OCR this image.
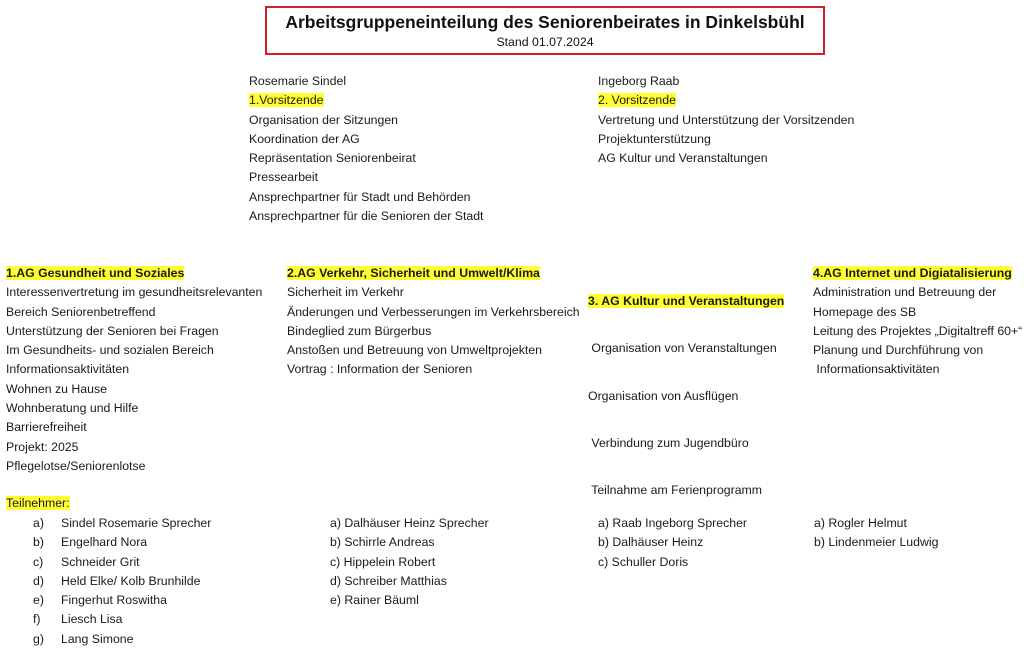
Arbeitsgruppeneinteilung des Seniorenbeirates in Dinkelsbühl
Stand 01.07.2024
Rosemarie Sindel
1.Vorsitzende
Organisation der Sitzungen
Koordination der AG
Repräsentation Seniorenbeirat
Pressearbeit
Ansprechpartner für Stadt und Behörden
Ansprechpartner für die Senioren der Stadt
Ingeborg Raab
2. Vorsitzende
Vertretung und Unterstützung der Vorsitzenden
Projektunterstützung
AG Kultur und Veranstaltungen
1.AG Gesundheit und Soziales
Interessenvertretung im gesundheitsrelevanten
Bereich Seniorenbetreffend
Unterstützung der Senioren bei Fragen
Im Gesundheits- und sozialen Bereich
Informationsaktivitäten
Wohnen zu Hause
Wohnberatung und Hilfe
Barrierefreiheit
Projekt: 2025
Pflegelotse/Seniorenlotse
2.AG Verkehr, Sicherheit und Umwelt/Klima
Sicherheit im Verkehr
Änderungen und Verbesserungen im Verkehrsbereich
Bindeglied zum Bürgerbus
Anstoßen und Betreuung von Umweltprojekten
Vortrag : Information der Senioren

3. AG Kultur und Veranstaltungen

Organisation von Veranstaltungen

Organisation von Ausflügen

Verbindung zum Jugendbüro

Teilnahme am Ferienprogramm

4.AG Internet und Digiatalisierung
Administration und Betreuung der
Homepage des SB
Leitung des Projektes „Digitaltreff 60+“
Planung und Durchführung von
Informationsaktivitäten
Teilnehmer:
a) Sindel Rosemarie Sprecher
b) Engelhard Nora
c) Schneider Grit
d) Held Elke/ Kolb Brunhilde
e) Fingerhut Roswitha
f) Liesch Lisa
g) Lang Simone
a) Dalhäuser Heinz Sprecher
b) Schirrle Andreas
c) Hippelein Robert
d) Schreiber Matthias
e) Rainer Bäuml
a) Raab Ingeborg Sprecher
b) Dalhäuser Heinz
c) Schuller Doris
a) Rogler Helmut
b) Lindenmeier Ludwig
